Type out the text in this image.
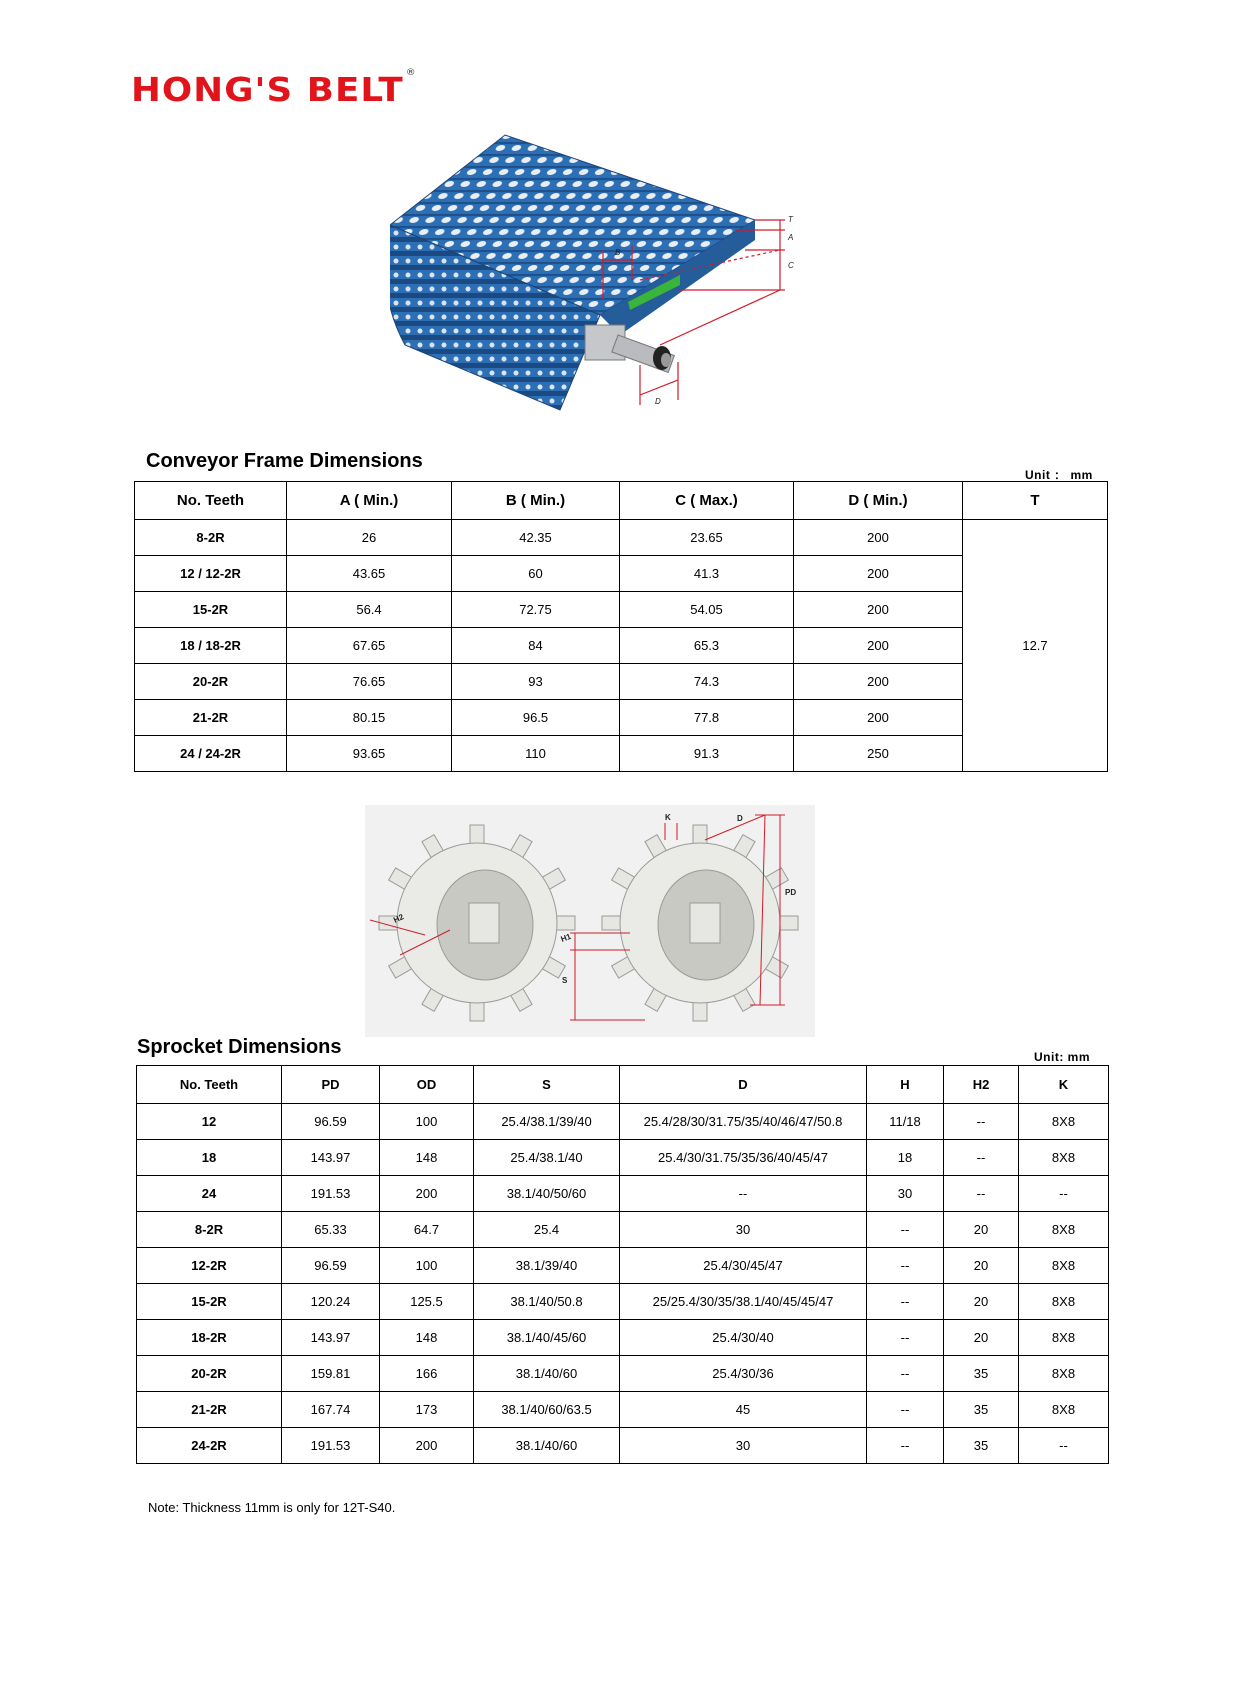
HONG'S BELT ®
T
A
C
B
D
Conveyor Frame Dimensions
Unit ： mm
No. Teeth	A ( Min.)	B ( Min.)	C ( Max.)	D ( Min.)	T
8-2R	26	42.35	23.65	200	12.7
12 / 12-2R	43.65	60	41.3	200	
15-2R	56.4	72.75	54.05	200	
18 / 18-2R	67.65	84	65.3	200	
20-2R	76.65	93	74.3	200	
21-2R	80.15	96.5	77.8	200	
24 / 24-2R	93.65	110	91.3	250	
H2
K	D
PD
H1
S
Sprocket Dimensions	Unit: mm
No. Teeth	PD	OD	S	D	H	H2	K
12	96.59	100	25.4/38.1/39/40	25.4/28/30/31.75/35/40/46/47/50.8	11/18	--	8X8
18	143.97	148	25.4/38.1/40	25.4/30/31.75/35/36/40/45/47	18	--	8X8
24	191.53	200	38.1/40/50/60	--	30	--	--
8-2R	65.33	64.7	25.4	30	--	20	8X8
12-2R	96.59	100	38.1/39/40	25.4/30/45/47	--	20	8X8
15-2R	120.24	125.5	38.1/40/50.8	25/25.4/30/35/38.1/40/45/45/47	--	20	8X8
18-2R	143.97	148	38.1/40/45/60	25.4/30/40	--	20	8X8
20-2R	159.81	166	38.1/40/60	25.4/30/36	--	35	8X8
21-2R	167.74	173	38.1/40/60/63.5	45	--	35	8X8
24-2R	191.53	200	38.1/40/60	30	--	35	--
Note: Thickness 11mm is only for 12T-S40.
